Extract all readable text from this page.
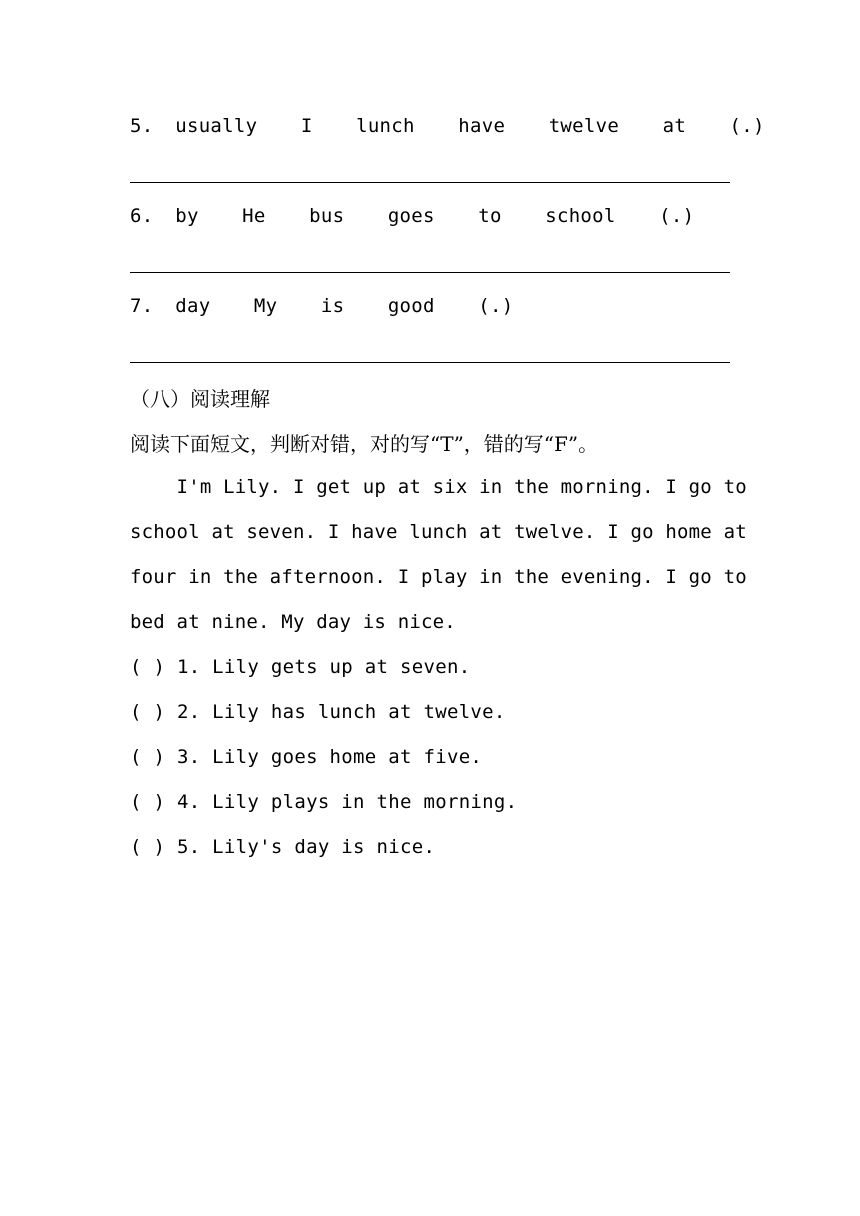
5. usually  I  lunch  have  twelve  at  (.)
6. by  He  bus  goes  to  school  (.)
7. day  My  is  good  (.)
（八）阅读理解
阅读下面短文，判断对错，对的写“T”，错的写“F”。

I'm Lily. I get up at six in the morning. I go to

school at seven. I have lunch at twelve. I go home at

four in the afternoon. I play in the evening. I go to

bed at nine. My day is nice.

( ) 1. Lily gets up at seven.
( ) 2. Lily has lunch at twelve.
( ) 3. Lily goes home at five.
( ) 4. Lily plays in the morning.
( ) 5. Lily's day is nice.
